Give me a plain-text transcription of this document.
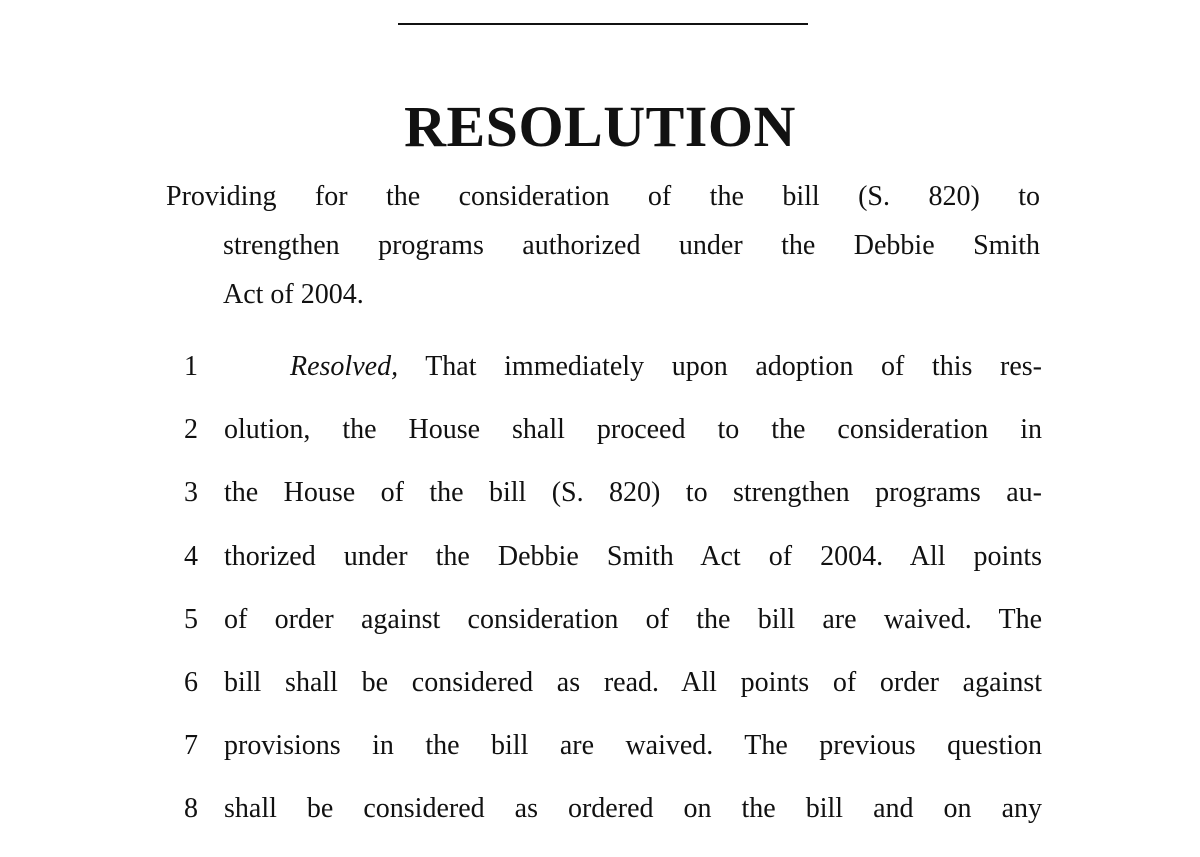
RESOLUTION
Providing for the consideration of the bill (S. 820) to
strengthen programs authorized under the Debbie Smith
Act of 2004.
1	Resolved, That immediately upon adoption of this res-
2 olution, the House shall proceed to the consideration in
3 the House of the bill (S. 820) to strengthen programs au-
4 thorized under the Debbie Smith Act of 2004. All points
5 of order against consideration of the bill are waived. The
6 bill shall be considered as read. All points of order against
7 provisions in the bill are waived. The previous question
8 shall be considered as ordered on the bill and on any
